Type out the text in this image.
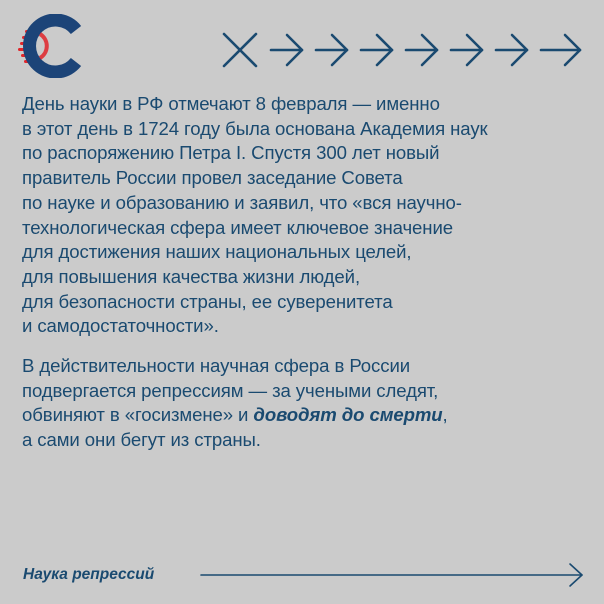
День науки в РФ отмечают 8 февраля — именно
в этот день в 1724 году была основана Академия наук
по распоряжению Петра I. Спустя 300 лет новый
правитель России провел заседание Совета
по науке и образованию и заявил, что «вся научно-
технологическая сфера имеет ключевое значение
для достижения наших национальных целей,
для повышения качества жизни людей,
для безопасности страны, ее суверенитета
и самодостаточности».

В действительности научная сфера в России
подвергается репрессиям — за учеными следят,
обвиняют в «госизмене» и доводят до смерти,
а сами они бегут из страны.

Наука репрессий
